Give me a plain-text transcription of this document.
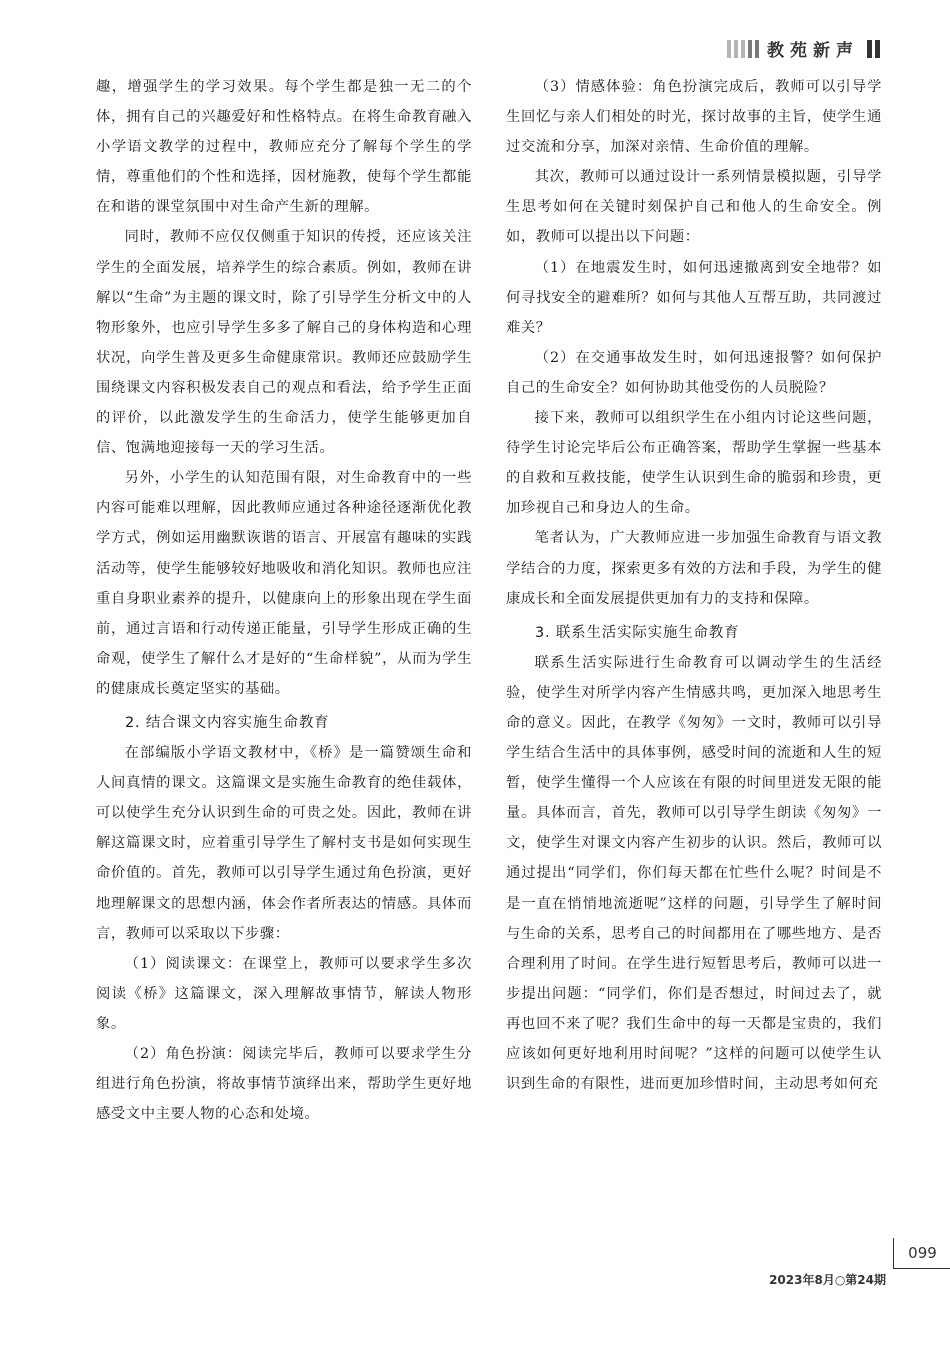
教苑新声

趣，增强学生的学习效果。每个学生都是独一无二的个体，拥有自己的兴趣爱好和性格特点。在将生命教育融入小学语文教学的过程中，教师应充分了解每个学生的学情，尊重他们的个性和选择，因材施教，使每个学生都能在和谐的课堂氛围中对生命产生新的理解。

同时，教师不应仅仅侧重于知识的传授，还应该关注学生的全面发展，培养学生的综合素质。例如，教师在讲解以“生命”为主题的课文时，除了引导学生分析文中的人物形象外，也应引导学生多多了解自己的身体构造和心理状况，向学生普及更多生命健康常识。教师还应鼓励学生围绕课文内容积极发表自己的观点和看法，给予学生正面的评价，以此激发学生的生命活力，使学生能够更加自信、饱满地迎接每一天的学习生活。

另外，小学生的认知范围有限，对生命教育中的一些内容可能难以理解，因此教师应通过各种途径逐渐优化教学方式，例如运用幽默诙谐的语言、开展富有趣味的实践活动等，使学生能够较好地吸收和消化知识。教师也应注重自身职业素养的提升，以健康向上的形象出现在学生面前，通过言语和行动传递正能量，引导学生形成正确的生命观，使学生了解什么才是好的“生命样貌”，从而为学生的健康成长奠定坚实的基础。

2. 结合课文内容实施生命教育

在部编版小学语文教材中，《桥》是一篇赞颂生命和人间真情的课文。这篇课文是实施生命教育的绝佳载体，可以使学生充分认识到生命的可贵之处。因此，教师在讲解这篇课文时，应着重引导学生了解村支书是如何实现生命价值的。首先，教师可以引导学生通过角色扮演，更好地理解课文的思想内涵，体会作者所表达的情感。具体而言，教师可以采取以下步骤：

（1）阅读课文：在课堂上，教师可以要求学生多次阅读《桥》这篇课文，深入理解故事情节，解读人物形象。

（2）角色扮演：阅读完毕后，教师可以要求学生分组进行角色扮演，将故事情节演绎出来，帮助学生更好地感受文中主要人物的心态和处境。

（3）情感体验：角色扮演完成后，教师可以引导学生回忆与亲人们相处的时光，探讨故事的主旨，使学生通过交流和分享，加深对亲情、生命价值的理解。

其次，教师可以通过设计一系列情景模拟题，引导学生思考如何在关键时刻保护自己和他人的生命安全。例如，教师可以提出以下问题：

（1）在地震发生时，如何迅速撤离到安全地带？如何寻找安全的避难所？如何与其他人互帮互助，共同渡过难关？

（2）在交通事故发生时，如何迅速报警？如何保护自己的生命安全？如何协助其他受伤的人员脱险？

接下来，教师可以组织学生在小组内讨论这些问题，待学生讨论完毕后公布正确答案，帮助学生掌握一些基本的自救和互救技能，使学生认识到生命的脆弱和珍贵，更加珍视自己和身边人的生命。

笔者认为，广大教师应进一步加强生命教育与语文教学结合的力度，探索更多有效的方法和手段，为学生的健康成长和全面发展提供更加有力的支持和保障。

3. 联系生活实际实施生命教育

联系生活实际进行生命教育可以调动学生的生活经验，使学生对所学内容产生情感共鸣，更加深入地思考生命的意义。因此，在教学《匆匆》一文时，教师可以引导学生结合生活中的具体事例，感受时间的流逝和人生的短暂，使学生懂得一个人应该在有限的时间里迸发无限的能量。具体而言，首先，教师可以引导学生朗读《匆匆》一文，使学生对课文内容产生初步的认识。然后，教师可以通过提出“同学们，你们每天都在忙些什么呢？时间是不是一直在悄悄地流逝呢”这样的问题，引导学生了解时间与生命的关系，思考自己的时间都用在了哪些地方、是否合理利用了时间。在学生进行短暂思考后，教师可以进一步提出问题：“同学们，你们是否想过，时间过去了，就再也回不来了呢？我们生命中的每一天都是宝贵的，我们应该如何更好地利用时间呢？”这样的问题可以使学生认识到生命的有限性，进而更加珍惜时间，主动思考如何充

099
2023年8月○第24期
